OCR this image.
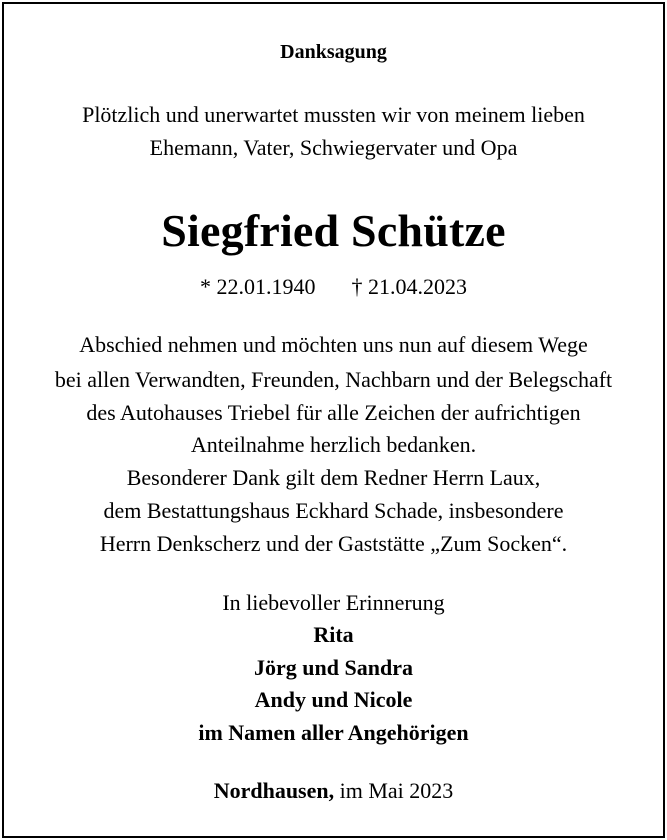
Danksagung
Plötzlich und unerwartet mussten wir von meinem lieben
Ehemann, Vater, Schwiegervater und Opa
Siegfried Schütze
* 22.01.1940 † 21.04.2023
Abschied nehmen und möchten uns nun auf diesem Wege
bei allen Verwandten, Freunden, Nachbarn und der Belegschaft
des Autohauses Triebel für alle Zeichen der aufrichtigen
Anteilnahme herzlich bedanken.
Besonderer Dank gilt dem Redner Herrn Laux,
dem Bestattungshaus Eckhard Schade, insbesondere
Herrn Denkscherz und der Gaststätte „Zum Socken“.
In liebevoller Erinnerung
Rita
Jörg und Sandra
Andy und Nicole
im Namen aller Angehörigen
Nordhausen, im Mai 2023
